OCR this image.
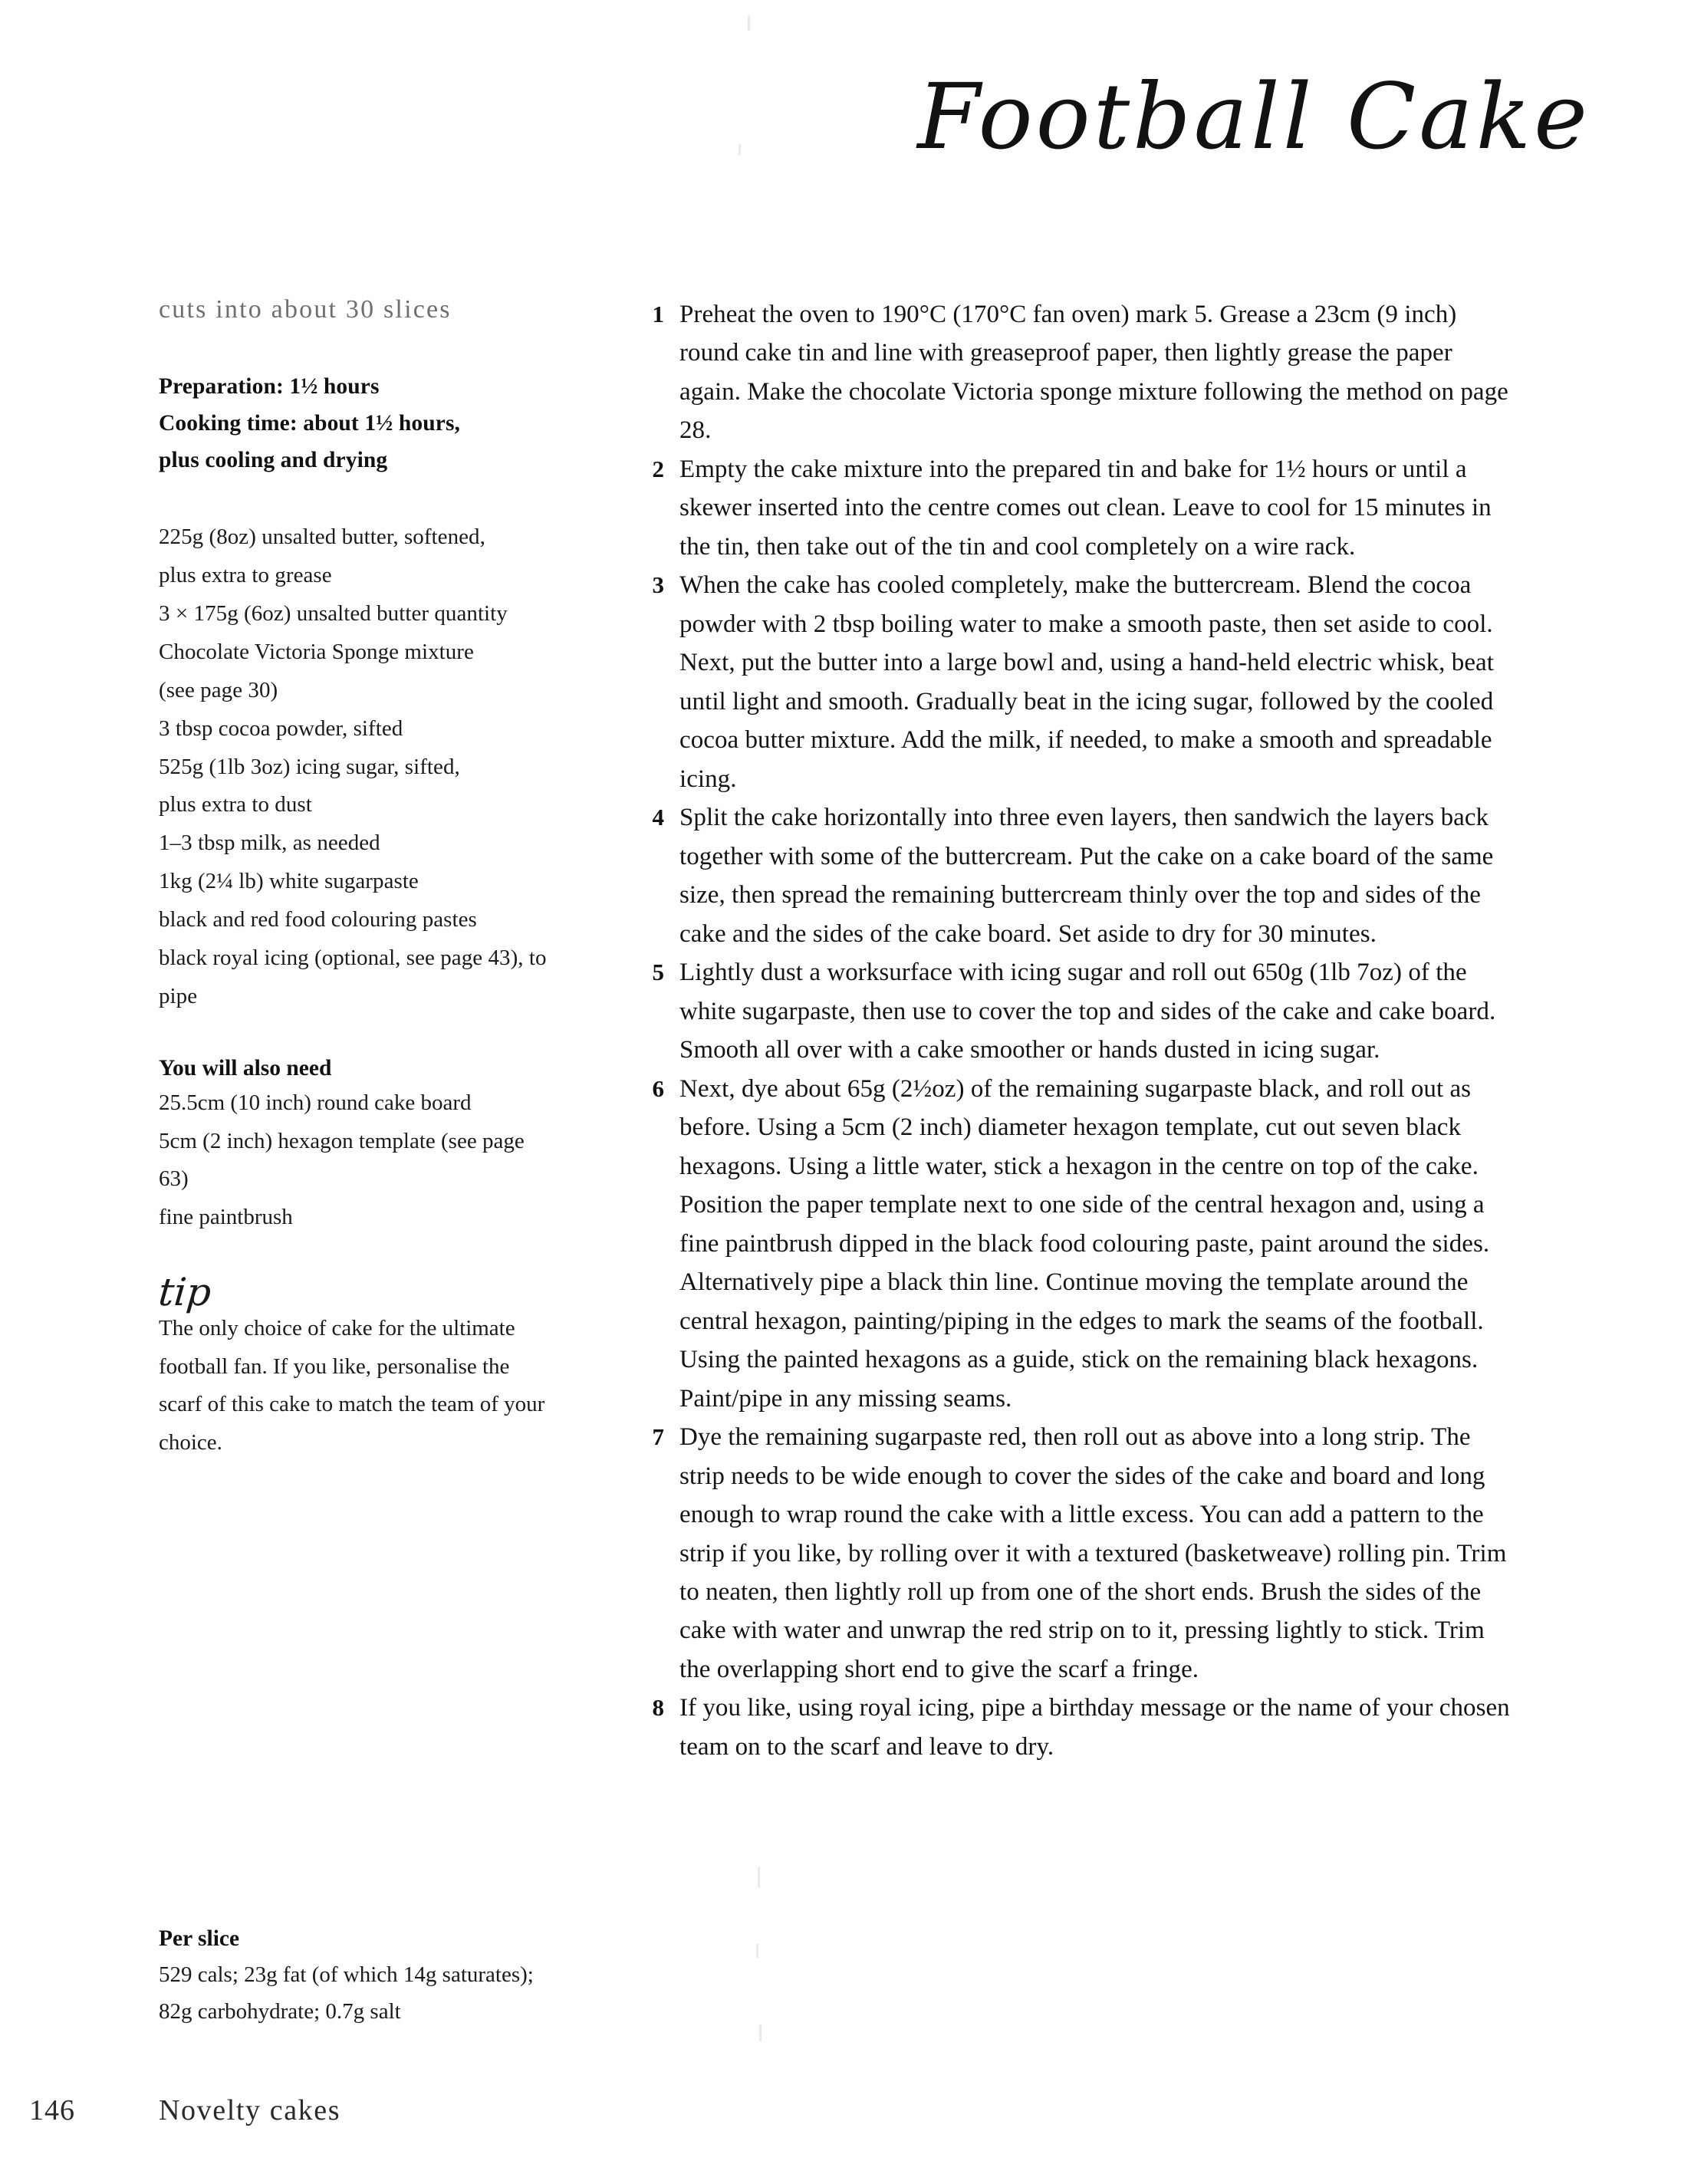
Football Cake
cuts into about 30 slices
Preparation: 1½ hours
Cooking time: about 1½ hours,
plus cooling and drying
225g (8oz) unsalted butter, softened,
plus extra to grease
3 × 175g (6oz) unsalted butter quantity
Chocolate Victoria Sponge mixture
(see page 30)
3 tbsp cocoa powder, sifted
525g (1lb 3oz) icing sugar, sifted,
plus extra to dust
1–3 tbsp milk, as needed
1kg (2¼ lb) white sugarpaste
black and red food colouring pastes
black royal icing (optional, see page 43), to
pipe
You will also need
25.5cm (10 inch) round cake board
5cm (2 inch) hexagon template (see page 63)
fine paintbrush
tip
The only choice of cake for the ultimate football fan. If you like, personalise the scarf of this cake to match the team of your choice.
1 Preheat the oven to 190°C (170°C fan oven) mark 5. Grease a 23cm (9 inch) round cake tin and line with greaseproof paper, then lightly grease the paper again. Make the chocolate Victoria sponge mixture following the method on page 28.
2 Empty the cake mixture into the prepared tin and bake for 1½ hours or until a skewer inserted into the centre comes out clean. Leave to cool for 15 minutes in the tin, then take out of the tin and cool completely on a wire rack.
3 When the cake has cooled completely, make the buttercream. Blend the cocoa powder with 2 tbsp boiling water to make a smooth paste, then set aside to cool. Next, put the butter into a large bowl and, using a hand-held electric whisk, beat until light and smooth. Gradually beat in the icing sugar, followed by the cooled cocoa butter mixture. Add the milk, if needed, to make a smooth and spreadable icing.
4 Split the cake horizontally into three even layers, then sandwich the layers back together with some of the buttercream. Put the cake on a cake board of the same size, then spread the remaining buttercream thinly over the top and sides of the cake and the sides of the cake board. Set aside to dry for 30 minutes.
5 Lightly dust a worksurface with icing sugar and roll out 650g (1lb 7oz) of the white sugarpaste, then use to cover the top and sides of the cake and cake board. Smooth all over with a cake smoother or hands dusted in icing sugar.
6 Next, dye about 65g (2½oz) of the remaining sugarpaste black, and roll out as before. Using a 5cm (2 inch) diameter hexagon template, cut out seven black hexagons. Using a little water, stick a hexagon in the centre on top of the cake. Position the paper template next to one side of the central hexagon and, using a fine paintbrush dipped in the black food colouring paste, paint around the sides. Alternatively pipe a black thin line. Continue moving the template around the central hexagon, painting/piping in the edges to mark the seams of the football. Using the painted hexagons as a guide, stick on the remaining black hexagons. Paint/pipe in any missing seams.
7 Dye the remaining sugarpaste red, then roll out as above into a long strip. The strip needs to be wide enough to cover the sides of the cake and board and long enough to wrap round the cake with a little excess. You can add a pattern to the strip if you like, by rolling over it with a textured (basketweave) rolling pin. Trim to neaten, then lightly roll up from one of the short ends. Brush the sides of the cake with water and unwrap the red strip on to it, pressing lightly to stick. Trim the overlapping short end to give the scarf a fringe.
8 If you like, using royal icing, pipe a birthday message or the name of your chosen team on to the scarf and leave to dry.
Per slice
529 cals; 23g fat (of which 14g saturates);
82g carbohydrate; 0.7g salt
146	Novelty cakes
